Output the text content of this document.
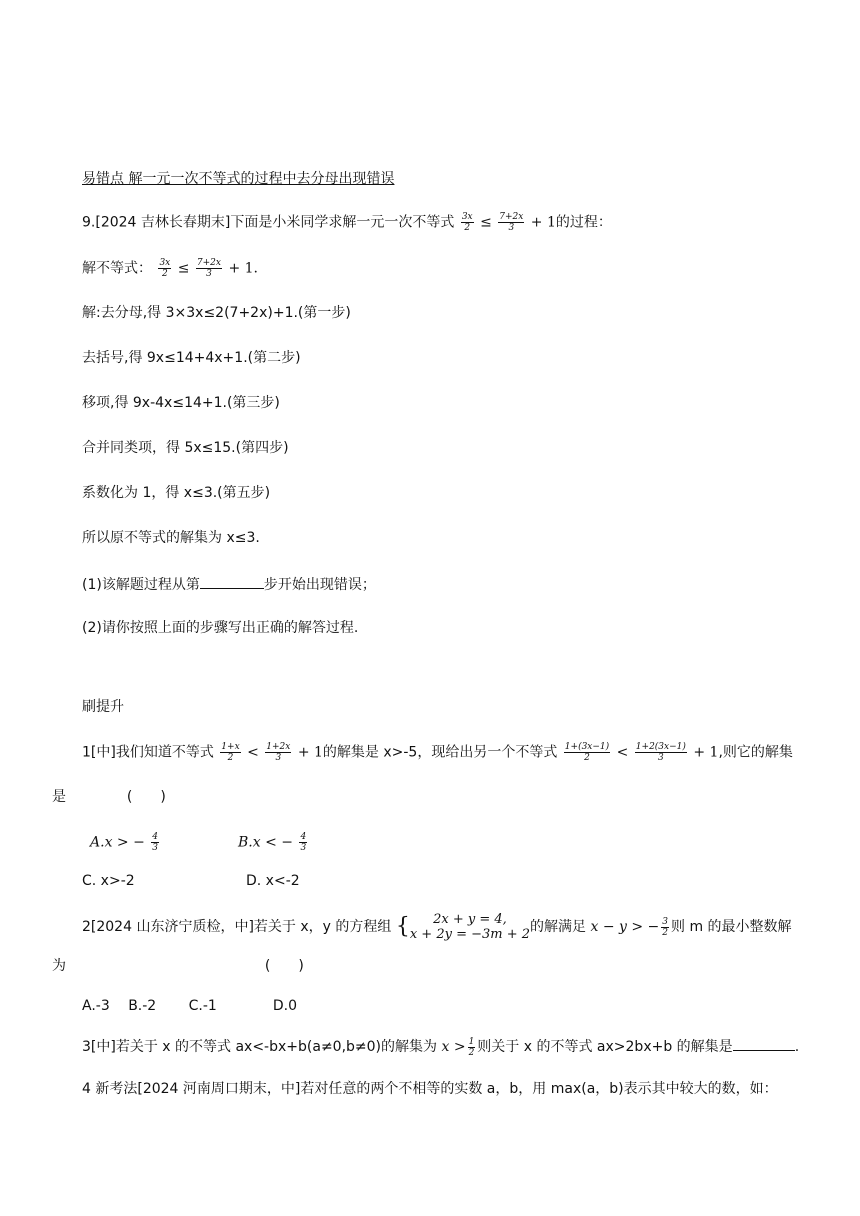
易错点 解一元一次不等式的过程中去分母出现错误
9.[2024 吉林长春期末]下面是小米同学求解一元一次不等式 $\frac{3x}{2} \le \frac{7+2x}{3} + 1$的过程：
解不等式： $\frac{3x}{2} \le \frac{7+2x}{3} + 1$.
解:去分母,得 3×3x≤2(7+2x)+1.(第一步)
去括号,得 9x≤14+4x+1.(第二步)
移项,得 9x-4x≤14+1.(第三步)
合并同类项，得 5x≤15.(第四步)
系数化为 1，得 x≤3.(第五步)
所以原不等式的解集为 x≤3.
(1)该解题过程从第	步开始出现错误；
(2)请你按照上面的步骤写出正确的解答过程.
刷提升
1[中]我们知道不等式 $\frac{1+x}{2} < \frac{1+2x}{3} + 1$的解集是 x>-5，现给出另一个不等式 $\frac{1+(3x-1)}{2} < \frac{1+2(3x-1)}{3} + 1$,则它的解集
是	(　　)
A.x > − $\frac{4}{3}$	B.x < − $\frac{4}{3}$
C. x>-2	D. x<-2
2[2024 山东济宁质检，中]若关于 x，y 的方程组 {	2x + y = 4,
x + 2y = −3m + 2 的解满足 x − y > − $\frac{3}{2}$ 则 m 的最小整数解
为	(　　)
A.-3　 B.-2　　 C.-1　　　　D.0
3[中]若关于 x 的不等式 ax<-bx+b(a≠0,b≠0)的解集为 $x > \frac{1}{2}$ 则关于 x 的不等式 ax>2bx+b 的解集是	.
4 新考法[2024 河南周口期末，中]若对任意的两个不相等的实数 a，b，用 max(a，b)表示其中较大的数，如：
